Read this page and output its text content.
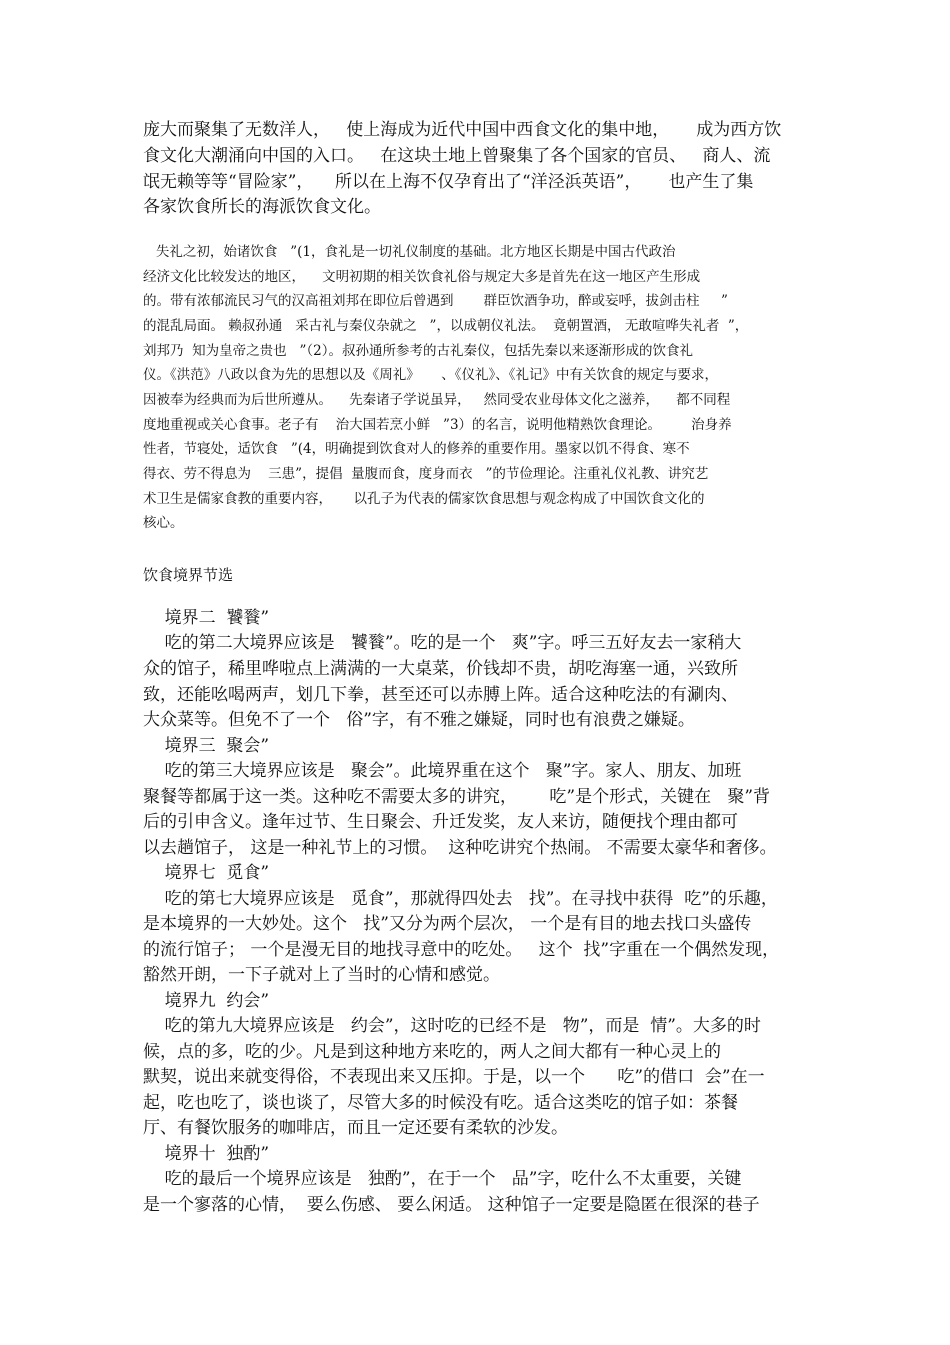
庞大而聚集了无数洋人，   使上海成为近代中国中西食文化的集中地，     成为西方饮

食文化大潮涌向中国的入口。   在这块土地上曾聚集了各个国家的官员、   商人、流

氓无赖等等“冒险家”，    所以在上海不仅孕育出了“洋泾浜英语”，     也产生了集

各家饮食所长的海派饮食文化。

失礼之初，始诸饮食   ”(1，食礼是一切礼仪制度的基础。北方地区长期是中国古代政治

经济文化比较发达的地区，    文明初期的相关饮食礼俗与规定大多是首先在这一地区产生形成

的。带有浓郁流民习气的汉高祖刘邦在即位后曾遇到       群臣饮酒争功，醉或妄呼，拔剑击柱     ”

的混乱局面。 赖叔孙通   采古礼与秦仪杂就之   ”，以成朝仪礼法。  竟朝置酒， 无敢喧哗失礼者  ”，

刘邦乃  知为皇帝之贵也   ”（2）。叔孙通所参考的古礼秦仪，包括先秦以来逐渐形成的饮食礼

仪。《洪范》八政以食为先的思想以及《周礼》     、《仪礼》、《礼记》中有关饮食的规定与要求，

因被奉为经典而为后世所遵从。    先秦诸子学说虽异，   然同受农业母体文化之滋养，    都不同程

度地重视或关心食事。老子有    治大国若烹小鲜   ”3）的名言，说明他精熟饮食理论。       治身养

性者，节寝处，适饮食   ”(4，明确提到饮食对人的修养的重要作用。墨家以饥不得食、寒不

得衣、劳不得息为    三患”，提倡  量腹而食，度身而衣   ”的节俭理论。注重礼仪礼教、讲究艺

术卫生是儒家食教的重要内容，     以孔子为代表的儒家饮食思想与观念构成了中国饮食文化的

核心。

饮食境界节选

境界二  饕餮”

吃的第二大境界应该是   饕餮”。吃的是一个   爽”字。呼三五好友去一家稍大

众的馆子，稀里哗啦点上满满的一大桌菜，价钱却不贵，胡吃海塞一通，兴致所

致，还能吆喝两声，划几下拳，甚至还可以赤膊上阵。适合这种吃法的有涮肉、

大众菜等。但免不了一个   俗”字，有不雅之嫌疑，同时也有浪费之嫌疑。

境界三  聚会”

吃的第三大境界应该是   聚会”。此境界重在这个   聚”字。家人、朋友、加班

聚餐等都属于这一类。这种吃不需要太多的讲究，      吃”是个形式，关键在   聚”背

后的引申含义。逢年过节、生日聚会、升迁发奖，友人来访，随便找个理由都可

以去趟馆子， 这是一种礼节上的习惯。  这种吃讲究个热闹。 不需要太豪华和奢侈。

境界七  觅食”

吃的第七大境界应该是   觅食”，那就得四处去   找”。在寻找中获得  吃”的乐趣，

是本境界的一大妙处。这个   找”又分为两个层次， 一个是有目的地去找口头盛传

的流行馆子； 一个是漫无目的地找寻意中的吃处。   这个  找”字重在一个偶然发现，

豁然开朗，一下子就对上了当时的心情和感觉。

境界九  约会”

吃的第九大境界应该是   约会”，这时吃的已经不是   物”，而是  情”。大多的时

候，点的多，吃的少。凡是到这种地方来吃的，两人之间大都有一种心灵上的

默契，说出来就变得俗，不表现出来又压抑。于是，以一个      吃”的借口  会”在一

起，吃也吃了，谈也谈了，尽管大多的时候没有吃。适合这类吃的馆子如：茶餐

厅、有餐饮服务的咖啡店，而且一定还要有柔软的沙发。

境界十  独酌”

吃的最后一个境界应该是   独酌”，在于一个   品”字，吃什么不太重要，关键

是一个寥落的心情，  要么伤感、 要么闲适。 这种馆子一定要是隐匿在很深的巷子
